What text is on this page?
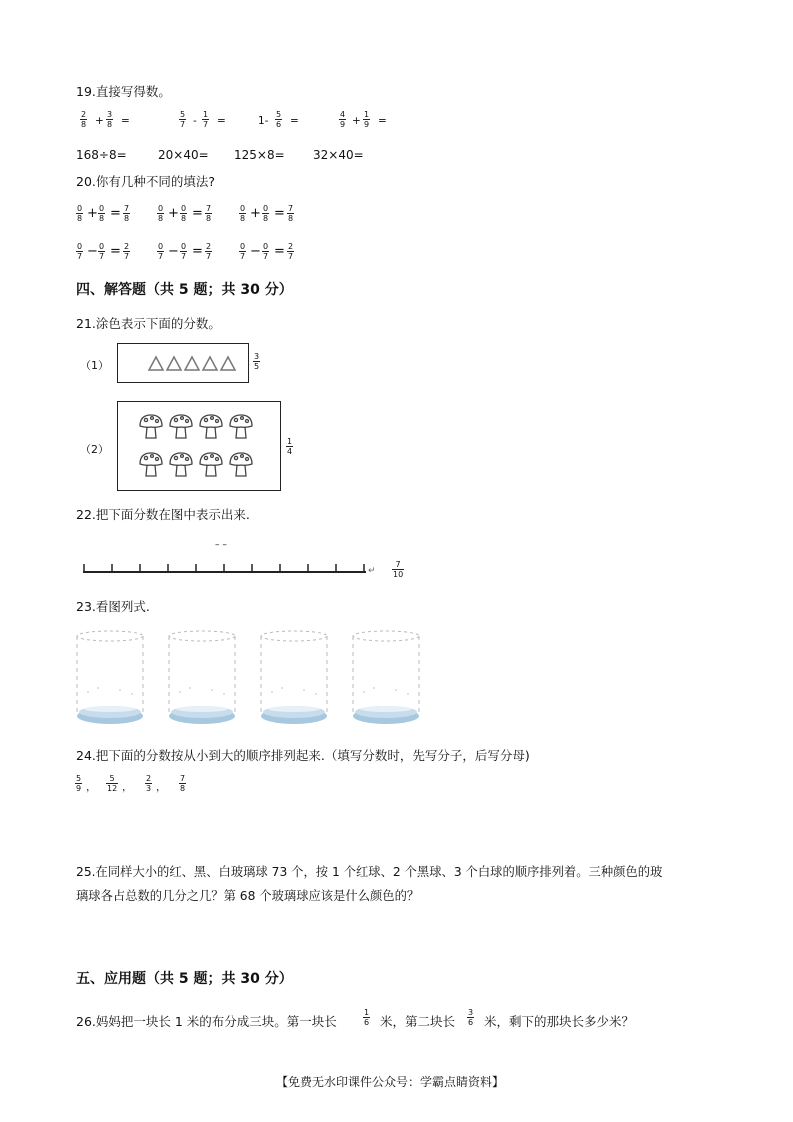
19.直接写得数。
$\frac{2}{8} + \frac{3}{8}$ =	$\frac{5}{7} - \frac{1}{7}$ =	$1- \frac{5}{6}$ =	$\frac{4}{9} + \frac{1}{9}$ =
168÷8=	20×40= 125×8= 32×40=
20.你有几种不同的填法?
$\frac{0}{8} + \frac{0}{8} = \frac{7}{8}$	$\frac{0}{8} + \frac{0}{8} = \frac{7}{8}$	$\frac{0}{8} + \frac{0}{8} = \frac{7}{8}$
$\frac{0}{7} - \frac{0}{7} = \frac{2}{7}$	$\frac{0}{7} - \frac{0}{7} = \frac{2}{7}$	$\frac{0}{7} - \frac{0}{7} = \frac{2}{7}$
四、解答题（共 5 题；共 30 分）
21.涂色表示下面的分数。
（1）	$\frac{3}{5}$
（2）	$\frac{1}{4}$
22.把下面分数在图中表示出来.
– –
↵ $\frac{7}{10}$
23.看图列式.
24.把下面的分数按从小到大的顺序排列起来.（填写分数时，先写分子，后写分母)
$\frac{5}{9}$ ， $\frac{5}{12}$ ， $\frac{2}{3}$ ， $\frac{7}{8}$
25.在同样大小的红、黑、白玻璃球 73 个，按 1 个红球、2 个黑球、3 个白球的顺序排列着。三种颜色的玻
璃球各占总数的几分之几？第 68 个玻璃球应该是什么颜色的？
五、应用题（共 5 题；共 30 分）
26.妈妈把一块长 1 米的布分成三块。第一块长	$\frac{1}{6}$ 米，第二块长 $\frac{3}{6}$ 米，剩下的那块长多少米？
【免费无水印课件公众号：学霸点睛资料】
